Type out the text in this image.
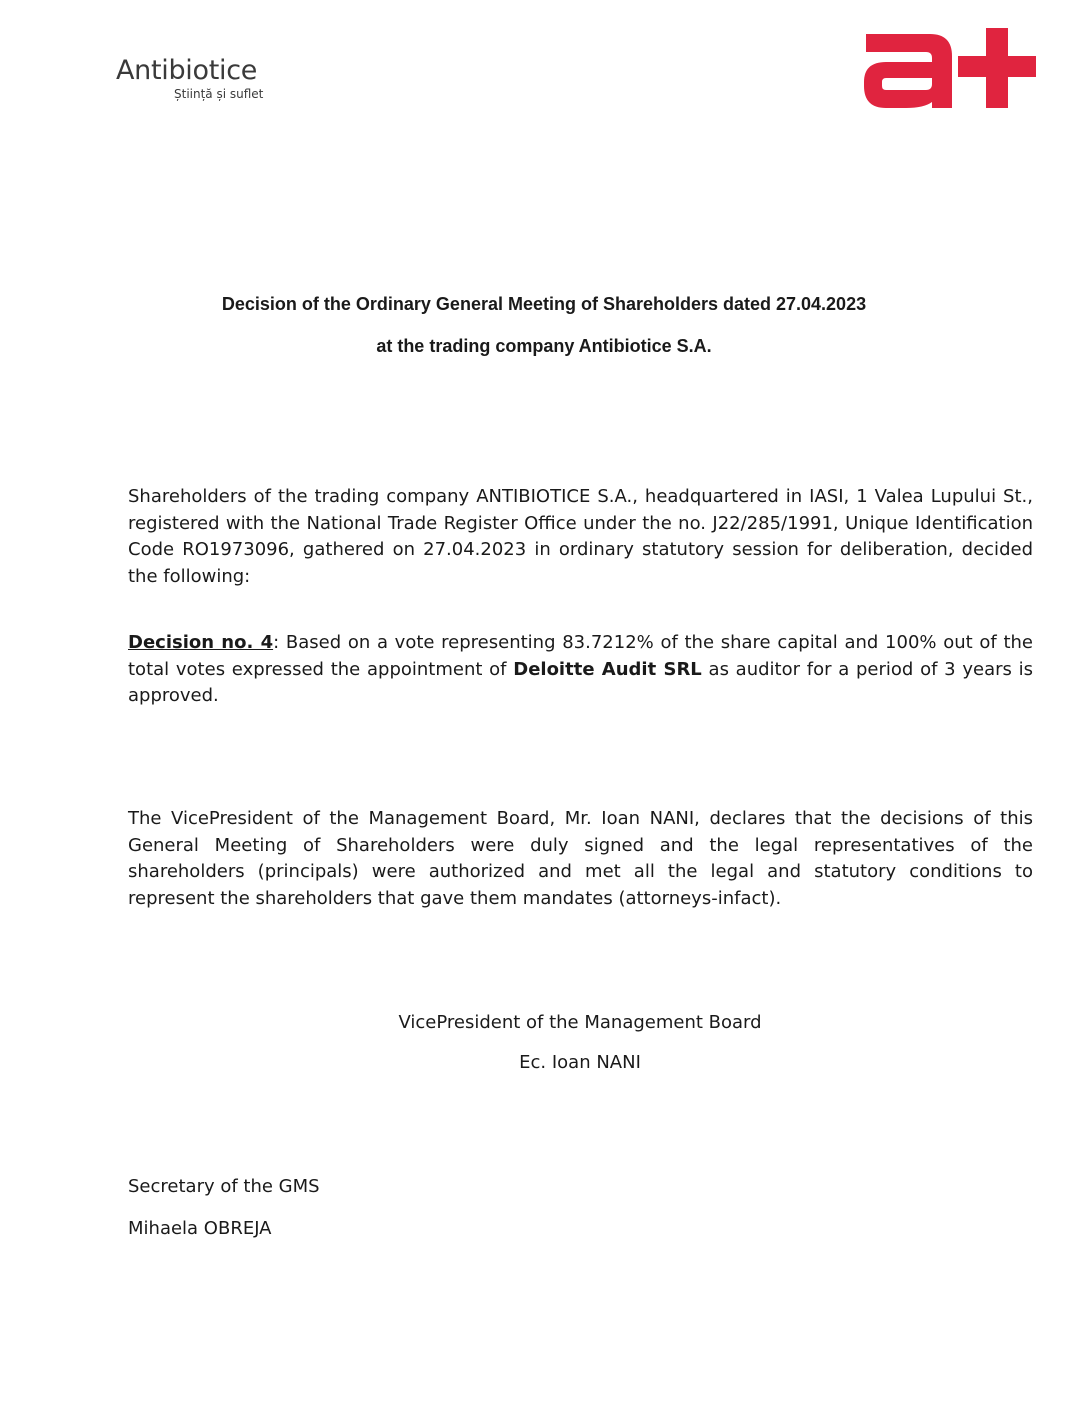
Antibiotice
Știință și suflet
Decision of the Ordinary General Meeting of Shareholders dated 27.04.2023
at the trading company Antibiotice S.A.

Shareholders of the trading company ANTIBIOTICE S.A., headquartered in IASI, 1 Valea Lupului St., registered with the National Trade Register Office under the no. J22/285/1991, Unique Identification Code RO1973096, gathered on 27.04.2023 in ordinary statutory session for deliberation, decided the following:

Decision no. 4: Based on a vote representing 83.7212% of the share capital and 100% out of the total votes expressed the appointment of Deloitte Audit SRL as auditor for a period of 3 years is approved.

The VicePresident of the Management Board, Mr. Ioan NANI, declares that the decisions of this General Meeting of Shareholders were duly signed and the legal representatives of the shareholders (principals) were authorized and met all the legal and statutory conditions to represent the shareholders that gave them mandates (attorneys-infact).

VicePresident of the Management Board

Ec. Ioan NANI

Secretary of the GMS

Mihaela OBREJA
